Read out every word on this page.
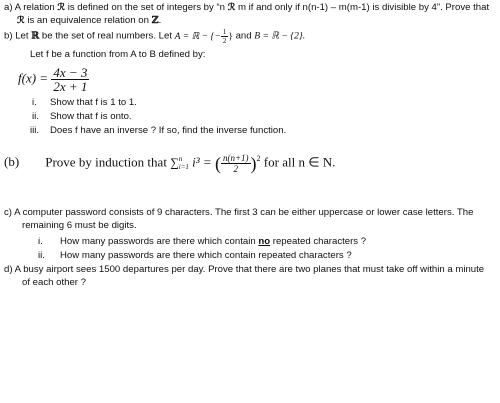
a) A relation ℛ is defined on the set of integers by “n ℛ m if and only if n(n-1) – m(m-1) is divisible by 4”. Prove that
ℛ is an equivalence relation on ℤ.
b) Let ℝ be the set of real numbers. Let A = ℝ − {− $\frac{1}{2}$ } and B = ℝ − {2}.
Let f be a function from A to B defined by:
$f(x) = \frac{4x - 3}{2x + 1}$
i. Show that f is 1 to 1.
ii. Show that f is onto.
iii. Does f have an inverse ? If so, find the inverse function.
(b) Prove by induction that ∑ n
i=1 i³ = ( $\frac{n(n+1)}{2} )^2$ for all n ∈ N.
c) A computer password consists of 9 characters. The first 3 can be either uppercase or lower case letters. The
remaining 6 must be digits.
i. How many passwords are there which contain no repeated characters ?
ii. How many passwords are there which contain repeated characters ?
d) A busy airport sees 1500 departures per day. Prove that there are two planes that must take off within a minute
of each other ?
